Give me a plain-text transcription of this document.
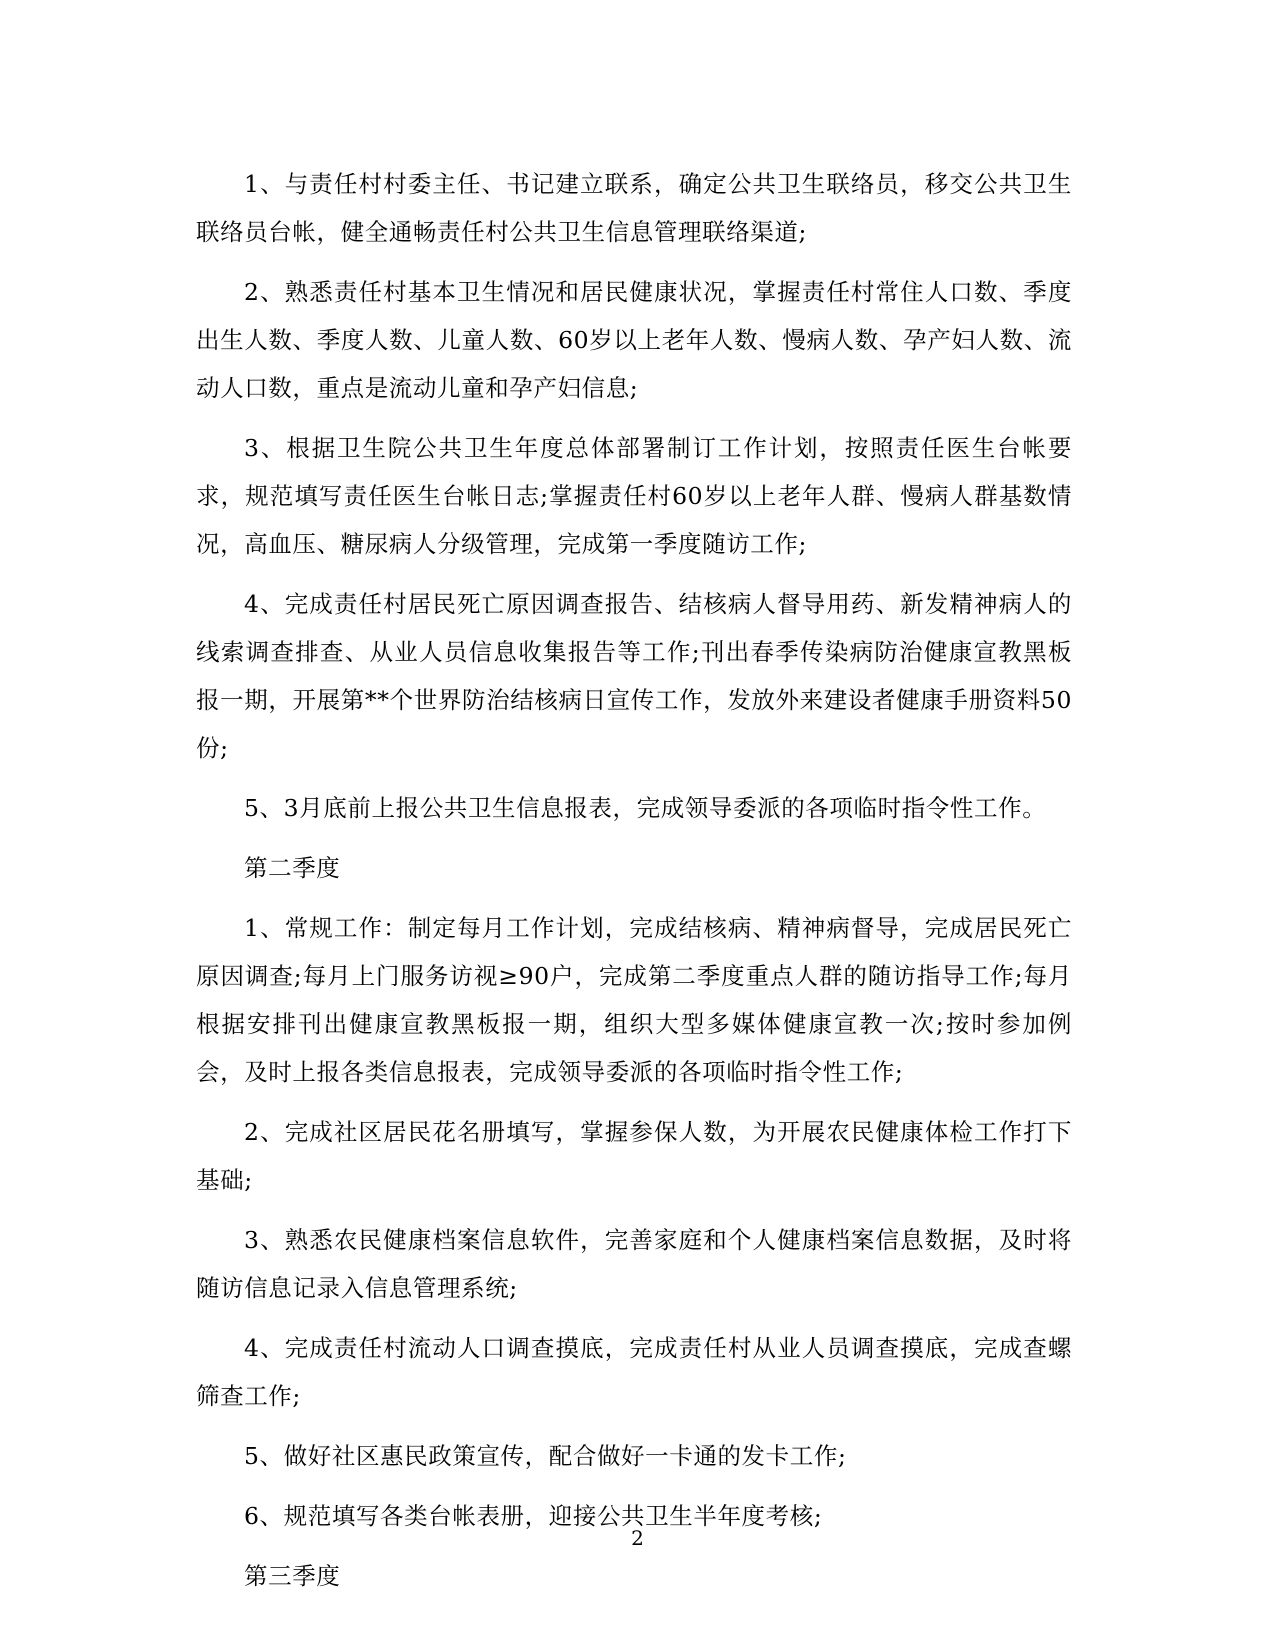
1、与责任村村委主任、书记建立联系，确定公共卫生联络员，移交公共卫生联络员台帐，健全通畅责任村公共卫生信息管理联络渠道;

2、熟悉责任村基本卫生情况和居民健康状况，掌握责任村常住人口数、季度出生人数、季度人数、儿童人数、60岁以上老年人数、慢病人数、孕产妇人数、流动人口数，重点是流动儿童和孕产妇信息;

3、根据卫生院公共卫生年度总体部署制订工作计划，按照责任医生台帐要求，规范填写责任医生台帐日志;掌握责任村60岁以上老年人群、慢病人群基数情况，高血压、糖尿病人分级管理，完成第一季度随访工作;

4、完成责任村居民死亡原因调查报告、结核病人督导用药、新发精神病人的线索调查排查、从业人员信息收集报告等工作;刊出春季传染病防治健康宣教黑板报一期，开展第**个世界防治结核病日宣传工作，发放外来建设者健康手册资料50份;

5、3月底前上报公共卫生信息报表，完成领导委派的各项临时指令性工作。

第二季度

1、常规工作：制定每月工作计划，完成结核病、精神病督导，完成居民死亡原因调查;每月上门服务访视≥90户，完成第二季度重点人群的随访指导工作;每月根据安排刊出健康宣教黑板报一期，组织大型多媒体健康宣教一次;按时参加例会，及时上报各类信息报表，完成领导委派的各项临时指令性工作;

2、完成社区居民花名册填写，掌握参保人数，为开展农民健康体检工作打下基础;

3、熟悉农民健康档案信息软件，完善家庭和个人健康档案信息数据，及时将随访信息记录入信息管理系统;

4、完成责任村流动人口调查摸底，完成责任村从业人员调查摸底，完成查螺筛查工作;

5、做好社区惠民政策宣传，配合做好一卡通的发卡工作;

6、规范填写各类台帐表册，迎接公共卫生半年度考核;

第三季度

2
